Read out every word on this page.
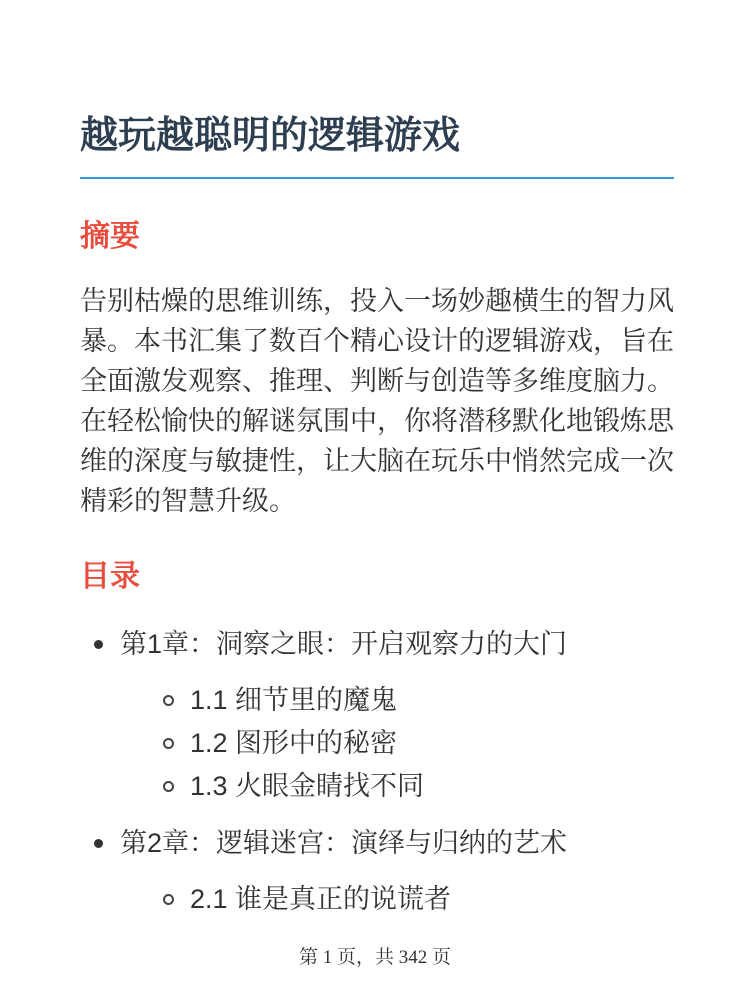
越玩越聪明的逻辑游戏
摘要

告别枯燥的思维训练，投入一场妙趣横生的智力风暴。本书汇集了数百个精心设计的逻辑游戏，旨在全面激发观察、推理、判断与创造等多维度脑力。在轻松愉快的解谜氛围中，你将潜移默化地锻炼思维的深度与敏捷性，让大脑在玩乐中悄然完成一次精彩的智慧升级。

目录
第1章：洞察之眼：开启观察力的大门
1.1 细节里的魔鬼
1.2 图形中的秘密
1.3 火眼金睛找不同
第2章：逻辑迷宫：演绎与归纳的艺术
2.1 谁是真正的说谎者
第 1 页，共 342 页
